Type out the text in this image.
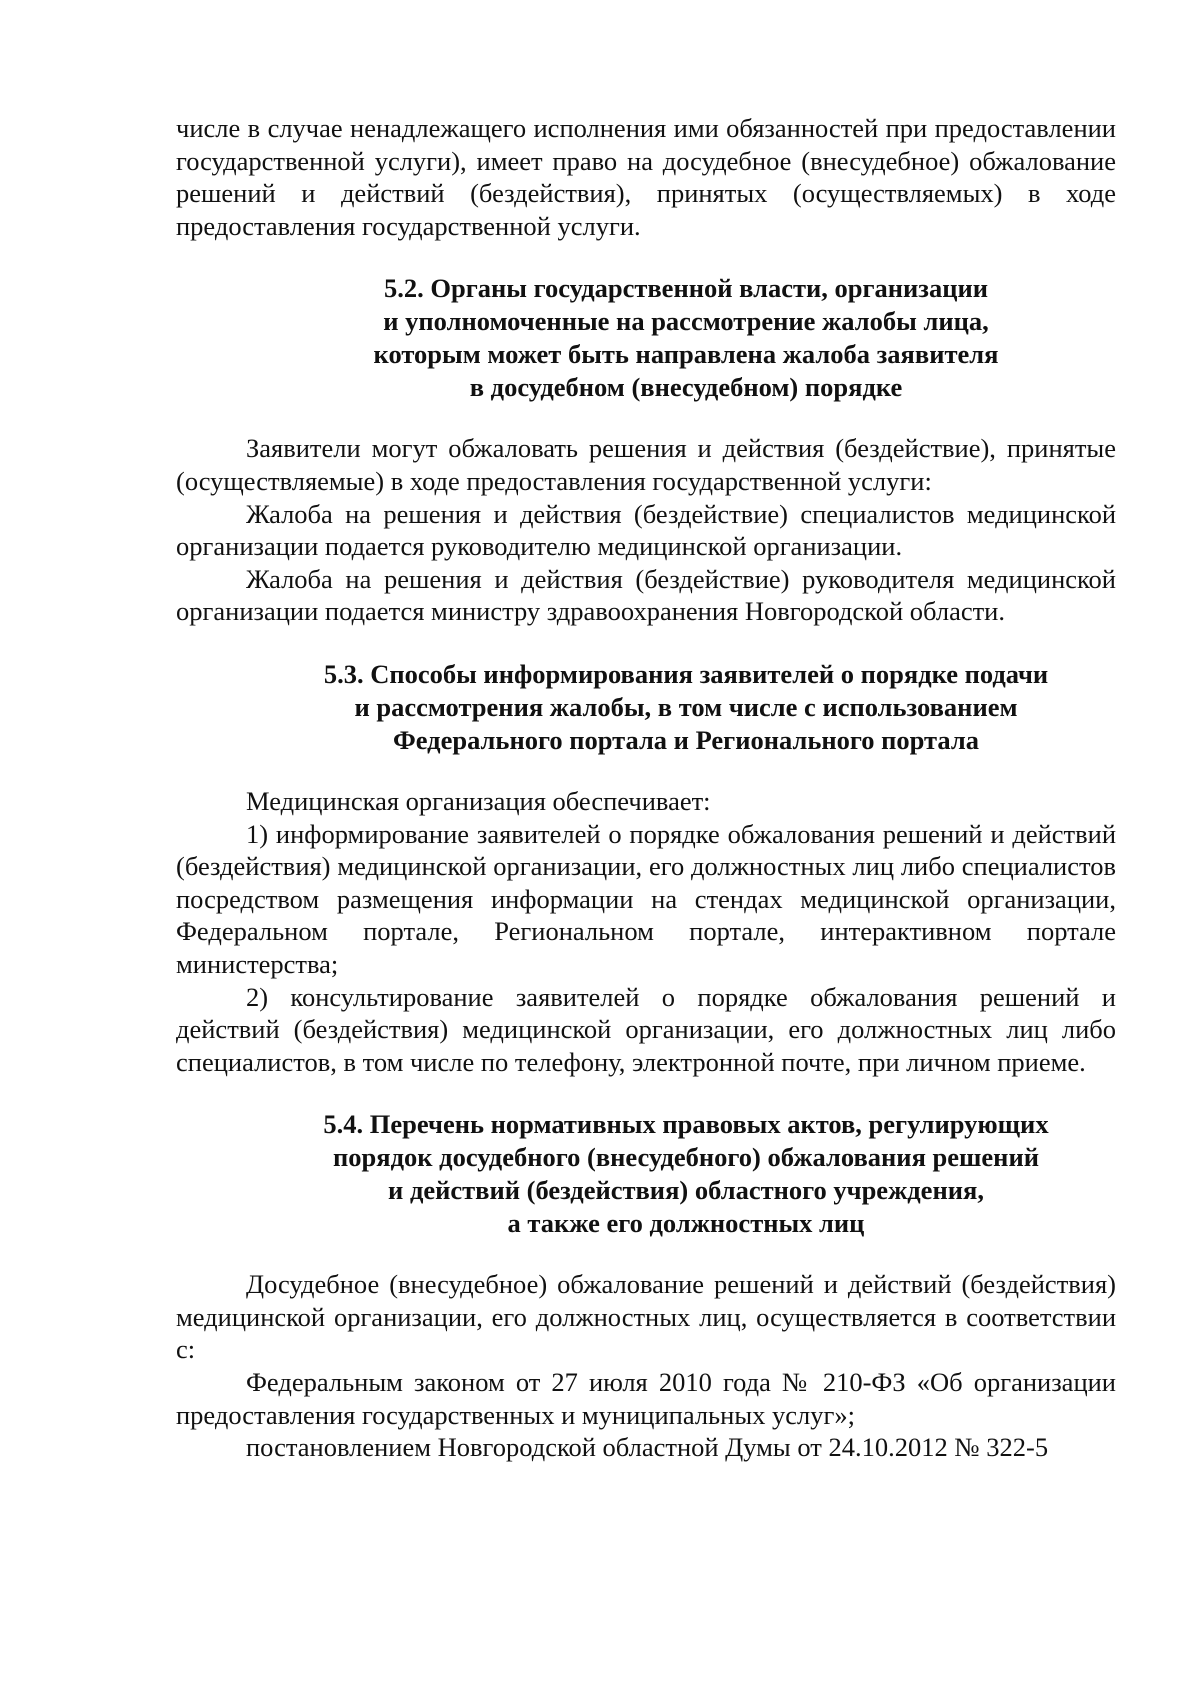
числе в случае ненадлежащего исполнения ими обязанностей при предоставлении государственной услуги), имеет право на досудебное (внесудебное) обжалование решений и действий (бездействия), принятых (осуществляемых) в ходе предоставления государственной услуги.

5.2. Органы государственной власти, организации
и уполномоченные на рассмотрение жалобы лица,
которым может быть направлена жалоба заявителя
в досудебном (внесудебном) порядке

Заявители могут обжаловать решения и действия (бездействие), принятые (осуществляемые) в ходе предоставления государственной услуги:

Жалоба на решения и действия (бездействие) специалистов медицинской организации подается руководителю медицинской организации.

Жалоба на решения и действия (бездействие) руководителя медицинской организации подается министру здравоохранения Новгородской области.

5.3. Способы информирования заявителей о порядке подачи
и рассмотрения жалобы, в том числе с использованием
Федерального портала и Регионального портала

Медицинская организация обеспечивает:

1) информирование заявителей о порядке обжалования решений и действий (бездействия) медицинской организации, его должностных лиц либо специалистов посредством размещения информации на стендах медицинской организации, Федеральном портале, Региональном портале, интерактивном портале министерства;

2) консультирование заявителей о порядке обжалования решений и действий (бездействия) медицинской организации, его должностных лиц либо специалистов, в том числе по телефону, электронной почте, при личном приеме.

5.4. Перечень нормативных правовых актов, регулирующих
порядок досудебного (внесудебного) обжалования решений
и действий (бездействия) областного учреждения,
а также его должностных лиц

Досудебное (внесудебное) обжалование решений и действий (бездействия) медицинской организации, его должностных лиц, осуществляется в соответствии с:

Федеральным законом от 27 июля 2010 года № 210-ФЗ «Об организации предоставления государственных и муниципальных услуг»;

постановлением Новгородской областной Думы от 24.10.2012 № 322-5
